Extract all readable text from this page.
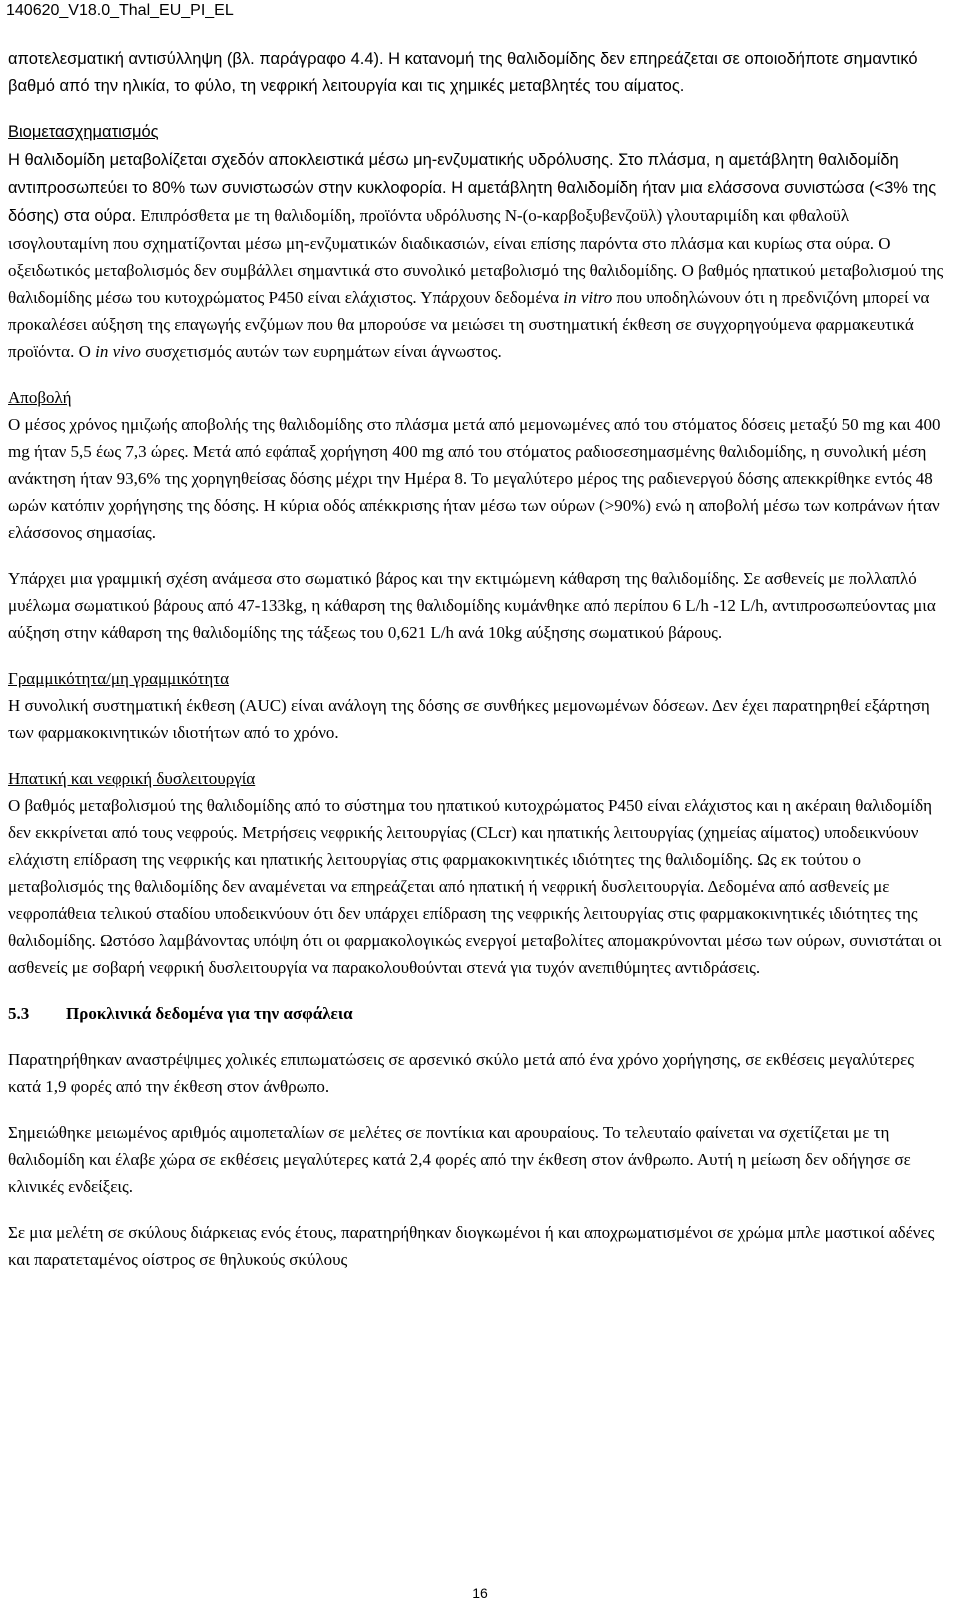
140620_V18.0_Thal_EU_PI_EL

αποτελεσματική αντισύλληψη (βλ. παράγραφο 4.4). Η κατανομή της θαλιδομίδης δεν επηρεάζεται σε οποιοδήποτε σημαντικό βαθμό από την ηλικία, το φύλο, τη νεφρική λειτουργία και τις χημικές μεταβλητές του αίματος.

Βιομετασχηματισμός

Η θαλιδομίδη μεταβολίζεται σχεδόν αποκλειστικά μέσω μη-ενζυματικής υδρόλυσης. Στο πλάσμα, η αμετάβλητη θαλιδομίδη αντιπροσωπεύει το 80% των συνιστωσών στην κυκλοφορία. Η αμετάβλητη θαλιδομίδη ήταν μια ελάσσονα συνιστώσα (<3% της δόσης) στα ούρα. Επιπρόσθετα με τη θαλιδομίδη, προϊόντα υδρόλυσης N-(o-καρβοξυβενζοϋλ) γλουταριμίδη και φθαλοϋλ ισογλουταμίνη που σχηματίζονται μέσω μη-ενζυματικών διαδικασιών, είναι επίσης παρόντα στο πλάσμα και κυρίως στα ούρα. Ο οξειδωτικός μεταβολισμός δεν συμβάλλει σημαντικά στο συνολικό μεταβολισμό της θαλιδομίδης. Ο βαθμός ηπατικού μεταβολισμού της θαλιδομίδης μέσω του κυτοχρώματος P450 είναι ελάχιστος. Υπάρχουν δεδομένα in vitro που υποδηλώνουν ότι η πρεδνιζόνη μπορεί να προκαλέσει αύξηση της επαγωγής ενζύμων που θα μπορούσε να μειώσει τη συστηματική έκθεση σε συγχορηγούμενα φαρμακευτικά προϊόντα. Ο in vivo συσχετισμός αυτών των ευρημάτων είναι άγνωστος.

Αποβολή

Ο μέσος χρόνος ημιζωής αποβολής της θαλιδομίδης στο πλάσμα μετά από μεμονωμένες από του στόματος δόσεις μεταξύ 50 mg και 400 mg ήταν 5,5 έως 7,3 ώρες. Μετά από εφάπαξ χορήγηση 400 mg από του στόματος ραδιοσεσημασμένης θαλιδομίδης, η συνολική μέση ανάκτηση ήταν 93,6% της χορηγηθείσας δόσης μέχρι την Ημέρα 8. Το μεγαλύτερο μέρος της ραδιενεργού δόσης απεκκρίθηκε εντός 48 ωρών κατόπιν χορήγησης της δόσης. Η κύρια οδός απέκκρισης ήταν μέσω των ούρων (>90%) ενώ η αποβολή μέσω των κοπράνων ήταν ελάσσονος σημασίας.

Υπάρχει μια γραμμική σχέση ανάμεσα στο σωματικό βάρος και την εκτιμώμενη κάθαρση της θαλιδομίδης. Σε ασθενείς με πολλαπλό μυέλωμα σωματικού βάρους από 47-133kg, η κάθαρση της θαλιδομίδης κυμάνθηκε από περίπου 6 L/h -12 L/h, αντιπροσωπεύοντας μια αύξηση στην κάθαρση της θαλιδομίδης της τάξεως του 0,621 L/h ανά 10kg αύξησης σωματικού βάρους.

Γραμμικότητα/μη γραμμικότητα

Η συνολική συστηματική έκθεση (AUC) είναι ανάλογη της δόσης σε συνθήκες μεμονωμένων δόσεων. Δεν έχει παρατηρηθεί εξάρτηση των φαρμακοκινητικών ιδιοτήτων από το χρόνο.

Ηπατική και νεφρική δυσλειτουργία

Ο βαθμός μεταβολισμού της θαλιδομίδης από το σύστημα του ηπατικού κυτοχρώματος P450 είναι ελάχιστος και η ακέραιη θαλιδομίδη δεν εκκρίνεται από τους νεφρούς. Μετρήσεις νεφρικής λειτουργίας (CLcr) και ηπατικής λειτουργίας (χημείας αίματος) υποδεικνύουν ελάχιστη επίδραση της νεφρικής και ηπατικής λειτουργίας στις φαρμακοκινητικές ιδιότητες της θαλιδομίδης. Ως εκ τούτου ο μεταβολισμός της θαλιδομίδης δεν αναμένεται να επηρεάζεται από ηπατική ή νεφρική δυσλειτουργία. Δεδομένα από ασθενείς με νεφροπάθεια τελικού σταδίου υποδεικνύουν ότι δεν υπάρχει επίδραση της νεφρικής λειτουργίας στις φαρμακοκινητικές ιδιότητες της θαλιδομίδης. Ωστόσο λαμβάνοντας υπόψη ότι οι φαρμακολογικώς ενεργοί μεταβολίτες απομακρύνονται μέσω των ούρων, συνιστάται οι ασθενείς με σοβαρή νεφρική δυσλειτουργία να παρακολουθούνται στενά για τυχόν ανεπιθύμητες αντιδράσεις.

5.3 Προκλινικά δεδομένα για την ασφάλεια

Παρατηρήθηκαν αναστρέψιμες χολικές επιπωματώσεις σε αρσενικό σκύλο μετά από ένα χρόνο χορήγησης, σε εκθέσεις μεγαλύτερες κατά 1,9 φορές από την έκθεση στον άνθρωπο.

Σημειώθηκε μειωμένος αριθμός αιμοπεταλίων σε μελέτες σε ποντίκια και αρουραίους. Το τελευταίο φαίνεται να σχετίζεται με τη θαλιδομίδη και έλαβε χώρα σε εκθέσεις μεγαλύτερες κατά 2,4 φορές από την έκθεση στον άνθρωπο. Αυτή η μείωση δεν οδήγησε σε κλινικές ενδείξεις.

Σε μια μελέτη σε σκύλους διάρκειας ενός έτους, παρατηρήθηκαν διογκωμένοι ή και αποχρωματισμένοι σε χρώμα μπλε μαστικοί αδένες και παρατεταμένος οίστρος σε θηλυκούς σκύλους

16
